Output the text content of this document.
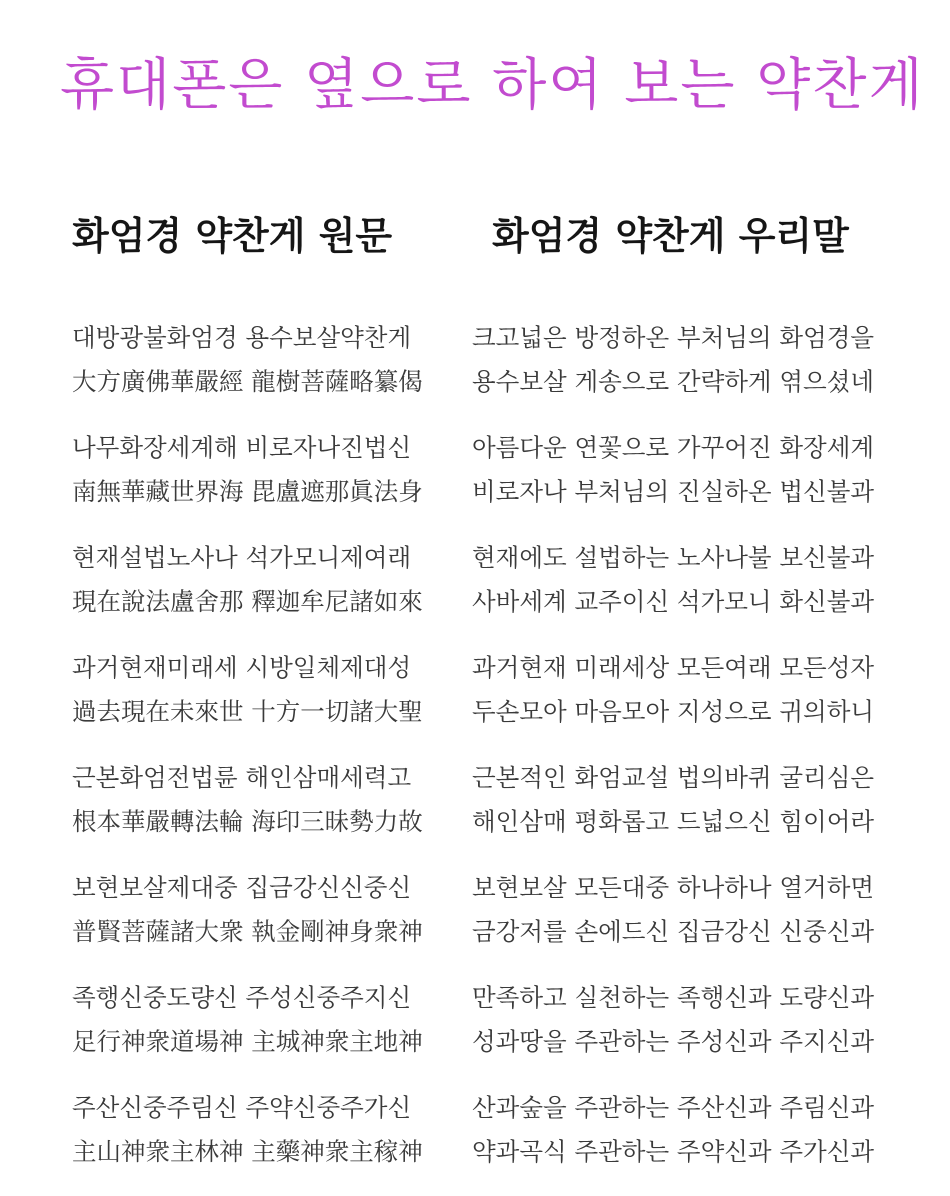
휴대폰은 옆으로 하여 보는 약찬게
화엄경 약찬게 원문	화엄경 약찬게 우리말
대방광불화엄경 용수보살약찬게
大方廣佛華嚴經 龍樹菩薩略纂偈
나무화장세계해 비로자나진법신
南無華藏世界海 毘盧遮那眞法身
현재설법노사나 석가모니제여래
現在說法盧舍那 釋迦牟尼諸如來
과거현재미래세 시방일체제대성
過去現在未來世 十方一切諸大聖
근본화엄전법륜 해인삼매세력고
根本華嚴轉法輪 海印三昧勢力故
보현보살제대중 집금강신신중신
普賢菩薩諸大衆 執金剛神身衆神
족행신중도량신 주성신중주지신
足行神衆道場神 主城神衆主地神
주산신중주림신 주약신중주가신
主山神衆主林神 主藥神衆主稼神
크고넓은 방정하온 부처님의 화엄경을
용수보살 게송으로 간략하게 엮으셨네
아름다운 연꽃으로 가꾸어진 화장세계
비로자나 부처님의 진실하온 법신불과
현재에도 설법하는 노사나불 보신불과
사바세계 교주이신 석가모니 화신불과
과거현재 미래세상 모든여래 모든성자
두손모아 마음모아 지성으로 귀의하니
근본적인 화엄교설 법의바퀴 굴리심은
해인삼매 평화롭고 드넓으신 힘이어라
보현보살 모든대중 하나하나 열거하면
금강저를 손에드신 집금강신 신중신과
만족하고 실천하는 족행신과 도량신과
성과땅을 주관하는 주성신과 주지신과
산과숲을 주관하는 주산신과 주림신과
약과곡식 주관하는 주약신과 주가신과
